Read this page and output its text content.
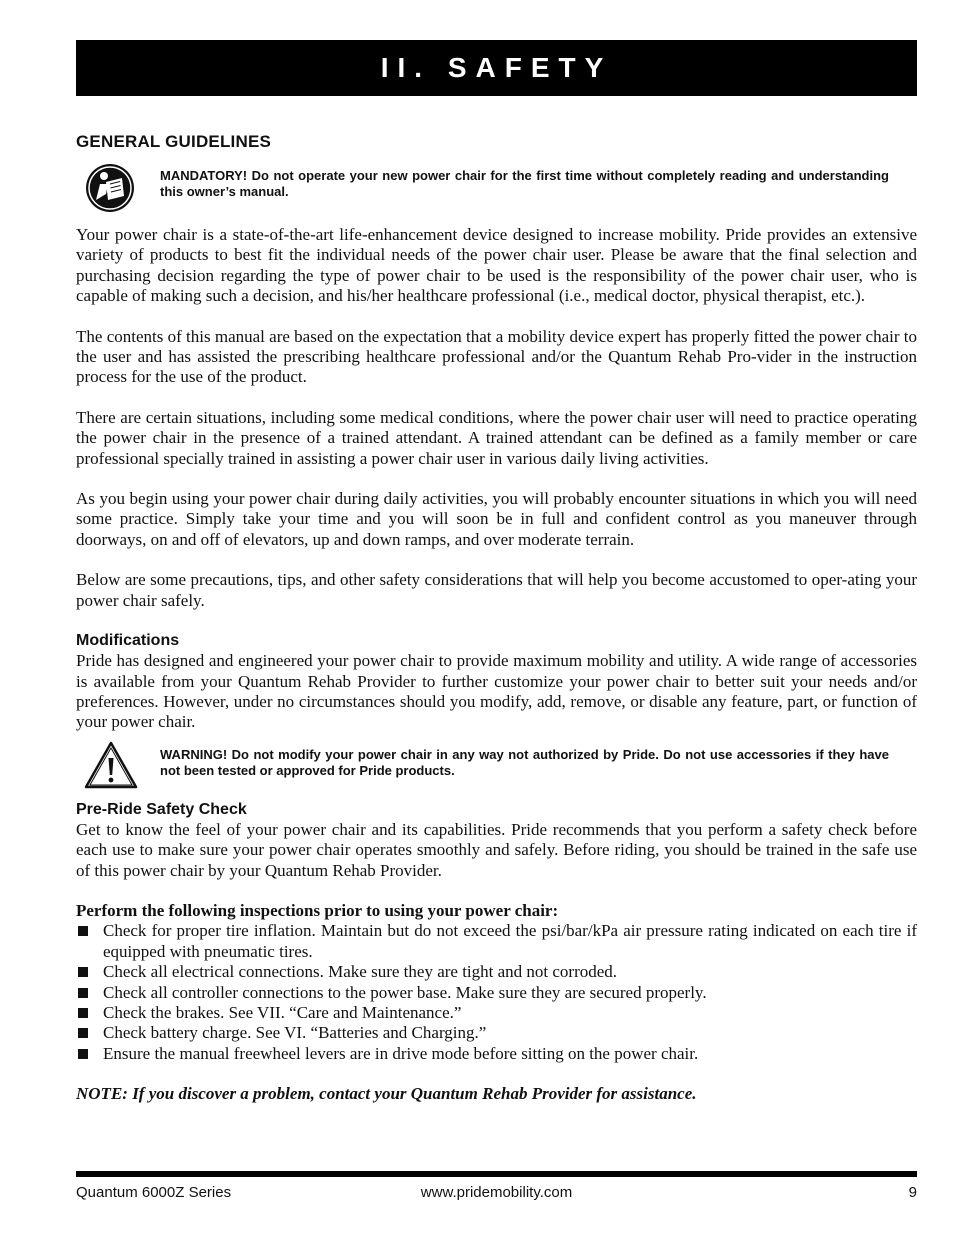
II. SAFETY
GENERAL GUIDELINES
MANDATORY! Do not operate your new power chair for the first time without completely reading and understanding this owner’s manual.

Your power chair is a state-of-the-art life-enhancement device designed to increase mobility. Pride provides an extensive variety of products to best fit the individual needs of the power chair user. Please be aware that the final selection and purchasing decision regarding the type of power chair to be used is the responsibility of the power chair user, who is capable of making such a decision, and his/her healthcare professional (i.e., medical doctor, physical therapist, etc.).

The contents of this manual are based on the expectation that a mobility device expert has properly fitted the power chair to the user and has assisted the prescribing healthcare professional and/or the Quantum Rehab Pro-vider in the instruction process for the use of the product.

There are certain situations, including some medical conditions, where the power chair user will need to practice operating the power chair in the presence of a trained attendant. A trained attendant can be defined as a family member or care professional specially trained in assisting a power chair user in various daily living activities.

As you begin using your power chair during daily activities, you will probably encounter situations in which you will need some practice. Simply take your time and you will soon be in full and confident control as you maneuver through doorways, on and off of elevators, up and down ramps, and over moderate terrain.

Below are some precautions, tips, and other safety considerations that will help you become accustomed to oper-ating your power chair safely.

Modifications

Pride has designed and engineered your power chair to provide maximum mobility and utility. A wide range of accessories is available from your Quantum Rehab Provider to further customize your power chair to better suit your needs and/or preferences. However, under no circumstances should you modify, add, remove, or disable any feature, part, or function of your power chair.

WARNING! Do not modify your power chair in any way not authorized by Pride. Do not use accessories if they have not been tested or approved for Pride products.
Pre-Ride Safety Check

Get to know the feel of your power chair and its capabilities. Pride recommends that you perform a safety check before each use to make sure your power chair operates smoothly and safely. Before riding, you should be trained in the safe use of this power chair by your Quantum Rehab Provider.

Perform the following inspections prior to using your power chair:

Check for proper tire inflation. Maintain but do not exceed the psi/bar/kPa air pressure rating indicated on each tire if equipped with pneumatic tires.
Check all electrical connections. Make sure they are tight and not corroded.
Check all controller connections to the power base. Make sure they are secured properly.
Check the brakes. See VII. “Care and Maintenance.”
Check battery charge. See VI. “Batteries and Charging.”
Ensure the manual freewheel levers are in drive mode before sitting on the power chair.

NOTE: If you discover a problem, contact your Quantum Rehab Provider for assistance.

Quantum 6000Z Series	www.pridemobility.com	9
